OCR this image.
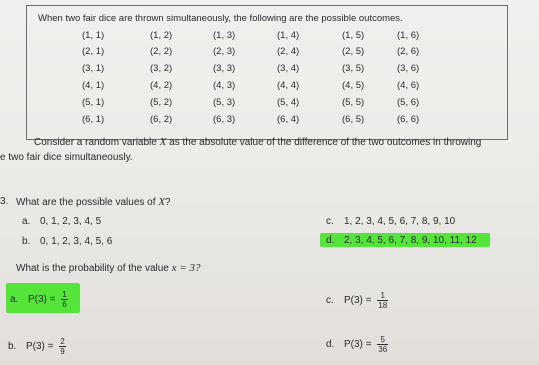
When two fair dice are thrown simultaneously, the following are the possible outcomes.
(1, 1)	(1, 2)	(1, 3)	(1, 4)	(1, 5)	(1, 6)
(2, 1)	(2, 2)	(2, 3)	(2, 4)	(2, 5)	(2, 6)
(3, 1)	(3, 2)	(3, 3)	(3, 4)	(3, 5)	(3, 6)
(4, 1)	(4, 2)	(4, 3)	(4, 4)	(4, 5)	(4, 6)
(5, 1)	(5, 2)	(5, 3)	(5, 4)	(5, 5)	(5, 6)
(6, 1)	(6, 2)	(6, 3)	(6, 4)	(6, 5)	(6, 6)
Consider a random variable X as the absolute value of the difference of the two outcomes in throwing
e two fair dice simultaneously.
3. What are the possible values of X?
a. 0, 1, 2, 3, 4, 5
b. 0, 1, 2, 3, 4, 5, 6
c. 1, 2, 3, 4, 5, 6, 7, 8, 9, 10
d. 2, 3, 4, 5, 6, 7, 8, 9, 10, 11, 12
What is the probability of the value x = 3?
a. $P(3) = \frac{1}{6}$
b. $P(3) = \frac{2}{9}$
c. $P(3) = \frac{1}{18}$
d. $P(3) = \frac{5}{36}$
